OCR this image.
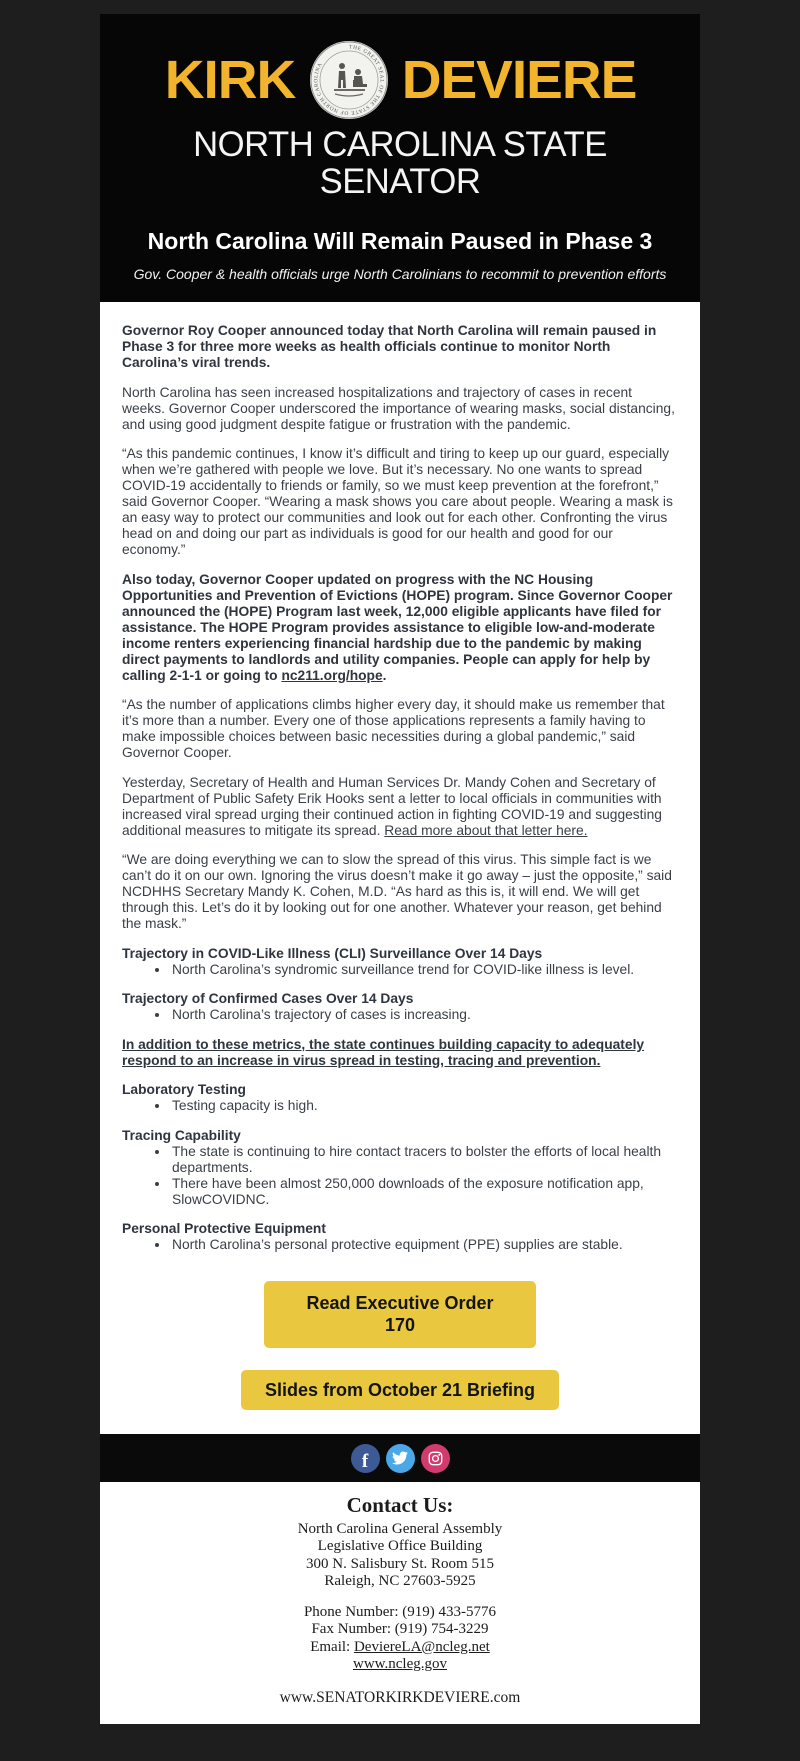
KIRK
THE GREAT SEAL OF THE STATE OF NORTH CAROLINA	DEVIERE
NORTH CAROLINA STATE SENATOR
North Carolina Will Remain Paused in Phase 3
Gov. Cooper & health officials urge North Carolinians to recommit to prevention efforts

Governor Roy Cooper announced today that North Carolina will remain paused in Phase 3 for three more weeks as health officials continue to monitor North Carolina’s viral trends.

North Carolina has seen increased hospitalizations and trajectory of cases in recent weeks. Governor Cooper underscored the importance of wearing masks, social distancing, and using good judgment despite fatigue or frustration with the pandemic.

“As this pandemic continues, I know it’s difficult and tiring to keep up our guard, especially when we’re gathered with people we love. But it’s necessary. No one wants to spread COVID-19 accidentally to friends or family, so we must keep prevention at the forefront,” said Governor Cooper. “Wearing a mask shows you care about people. Wearing a mask is an easy way to protect our communities and look out for each other. Confronting the virus head on and doing our part as individuals is good for our health and good for our economy.”

Also today, Governor Cooper updated on progress with the NC Housing Opportunities and Prevention of Evictions (HOPE) program. Since Governor Cooper announced the (HOPE) Program last week, 12,000 eligible applicants have filed for assistance. The HOPE Program provides assistance to eligible low-and-moderate income renters experiencing financial hardship due to the pandemic by making direct payments to landlords and utility companies. People can apply for help by calling 2-1-1 or going to nc211.org/hope.

“As the number of applications climbs higher every day, it should make us remember that it’s more than a number. Every one of those applications represents a family having to make impossible choices between basic necessities during a global pandemic,” said Governor Cooper.

Yesterday, Secretary of Health and Human Services Dr. Mandy Cohen and Secretary of Department of Public Safety Erik Hooks sent a letter to local officials in communities with increased viral spread urging their continued action in fighting COVID-19 and suggesting additional measures to mitigate its spread. Read more about that letter here.

“We are doing everything we can to slow the spread of this virus. This simple fact is we can’t do it on our own. Ignoring the virus doesn’t make it go away – just the opposite,” said NCDHHS Secretary Mandy K. Cohen, M.D. “As hard as this is, it will end. We will get through this. Let’s do it by looking out for one another. Whatever your reason, get behind the mask.”

Trajectory in COVID-Like Illness (CLI) Surveillance Over 14 Days
• North Carolina’s syndromic surveillance trend for COVID-like illness is level.
Trajectory of Confirmed Cases Over 14 Days
• North Carolina’s trajectory of cases is increasing.

In addition to these metrics, the state continues building capacity to adequately respond to an increase in virus spread in testing, tracing and prevention.

Laboratory Testing
• Testing capacity is high.
Tracing Capability
• The state is continuing to hire contact tracers to bolster the efforts of local health departments.
• There have been almost 250,000 downloads of the exposure notification app, SlowCOVIDNC.
Personal Protective Equipment
• North Carolina’s personal protective equipment (PPE) supplies are stable.
Read Executive Order 170
Slides from October 21 Briefing
f
Contact Us:
North Carolina General Assembly
Legislative Office Building
300 N. Salisbury St. Room 515
Raleigh, NC 27603-5925
Phone Number: (919) 433-5776
Fax Number: (919) 754-3229
Email: DeviereLA@ncleg.net
www.ncleg.gov
www.SENATORKIRKDEVIERE.com
